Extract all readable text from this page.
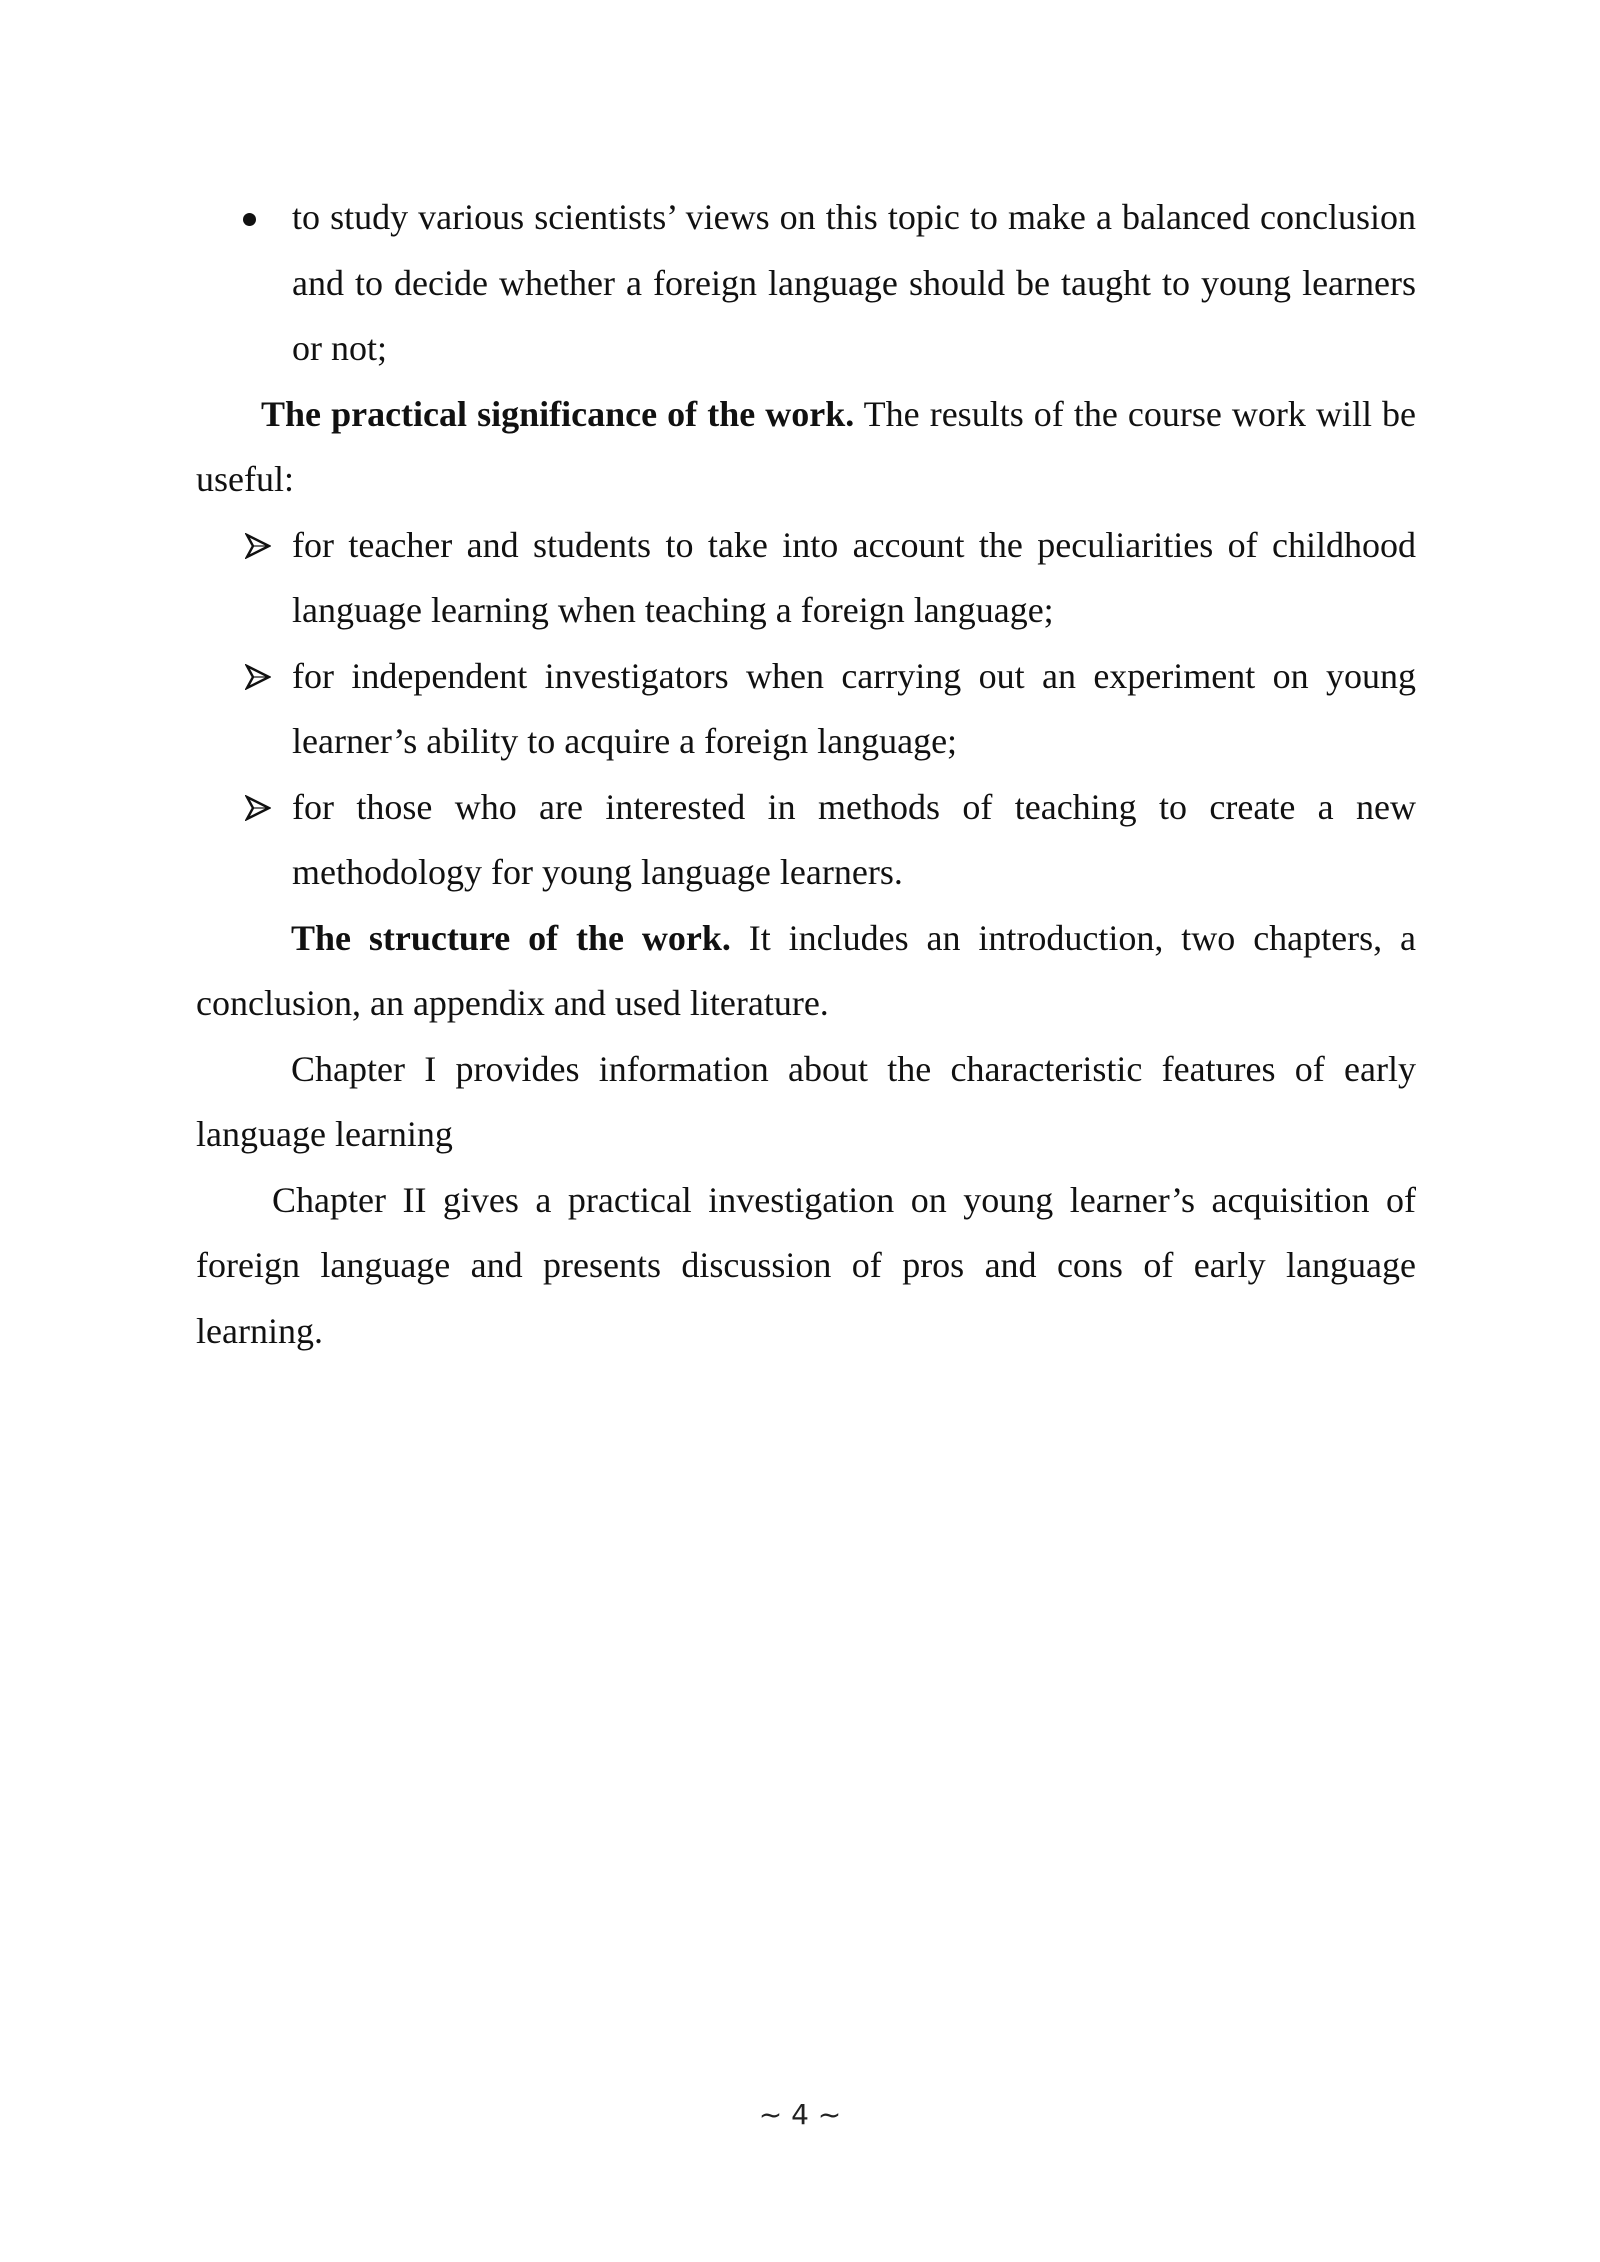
to study various scientists’ views on this topic to make a balanced conclusion and to decide whether a foreign language should be taught to young learners or not;

The practical significance of the work. The results of the course work will be useful:

for teacher and students to take into account the peculiarities of childhood language learning when teaching a foreign language;

for independent investigators when carrying out an experiment on young learner’s ability to acquire a foreign language;

for those who are interested in methods of teaching to create a new methodology for young language learners.

The structure of the work. It includes an introduction, two chapters, a conclusion, an appendix and used literature.

Chapter I provides information about the characteristic features of early language learning

Chapter II gives a practical investigation on young learner’s acquisition of foreign language and presents discussion of pros and cons of early language learning.

~ 4 ~
